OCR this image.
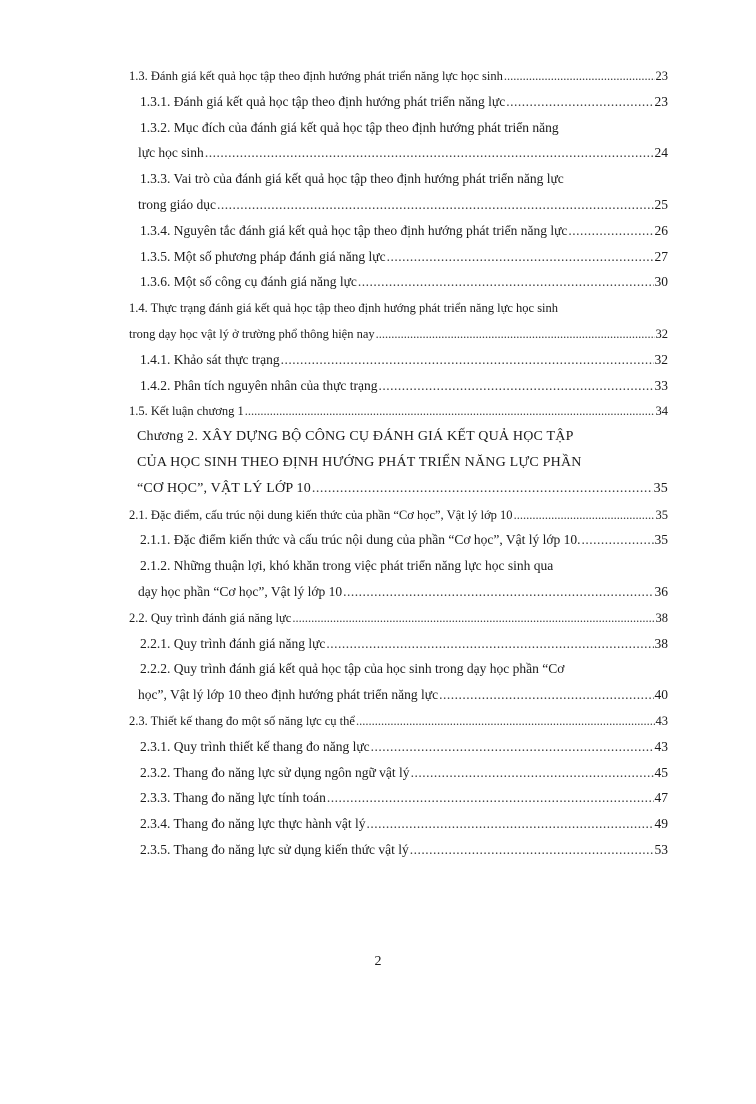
1.3. Đánh giá kết quả học tập theo định hướng phát triển năng lực học sinh .....	23
1.3.1. Đánh giá kết quả học tập theo định hướng phát triển năng lực .....	23
1.3.2. Mục đích của đánh giá kết quả học tập theo định hướng phát triển năng
lực học sinh .....	24
1.3.3. Vai trò của đánh giá kết quả học tập theo định hướng phát triển năng lực
trong giáo dục .....	25
1.3.4. Nguyên tắc đánh giá kết quả học tập theo định hướng phát triển năng lực .....	26
1.3.5. Một số phương pháp đánh giá năng lực .....	27
1.3.6. Một số công cụ đánh giá năng lực .....	30
1.4. Thực trạng đánh giá kết quả học tập theo định hướng phát triển năng lực học sinh
trong dạy học vật lý ở trường phổ thông hiện nay .....	32
1.4.1. Khảo sát thực trạng .....	32
1.4.2. Phân tích nguyên nhân của thực trạng .....	33
1.5. Kết luận chương 1 .....	34
Chương 2. XÂY DỰNG BỘ CÔNG CỤ ĐÁNH GIÁ KẾT QUẢ HỌC TẬP
CỦA HỌC SINH THEO ĐỊNH HƯỚNG PHÁT TRIỂN NĂNG LỰC PHẦN
“CƠ HỌC”, VẬT LÝ LỚP 10 .....	35
2.1. Đặc điểm, cấu trúc nội dung kiến thức của phần “Cơ học”, Vật lý lớp 10 .....	35
2.1.1. Đặc điểm kiến thức và cấu trúc nội dung của phần “Cơ học”, Vật lý lớp 10. .....	35
2.1.2. Những thuận lợi, khó khăn trong việc phát triển năng lực học sinh qua
dạy học phần “Cơ học”, Vật lý lớp 10 .....	36
2.2. Quy trình đánh giá năng lực .....	38
2.2.1. Quy trình đánh giá năng lực .....	38
2.2.2. Quy trình đánh giá kết quả học tập của học sinh trong dạy học phần “Cơ
học”, Vật lý lớp 10 theo định hướng phát triển năng lực .....	40
2.3. Thiết kế thang đo một số năng lực cụ thể .....	43
2.3.1. Quy trình thiết kế thang đo năng lực .....	43
2.3.2. Thang đo năng lực sử dụng ngôn ngữ vật lý .....	45
2.3.3. Thang đo năng lực tính toán .....	47
2.3.4. Thang đo năng lực thực hành vật lý .....	49
2.3.5. Thang đo năng lực sử dụng kiến thức vật lý .....	53
2
